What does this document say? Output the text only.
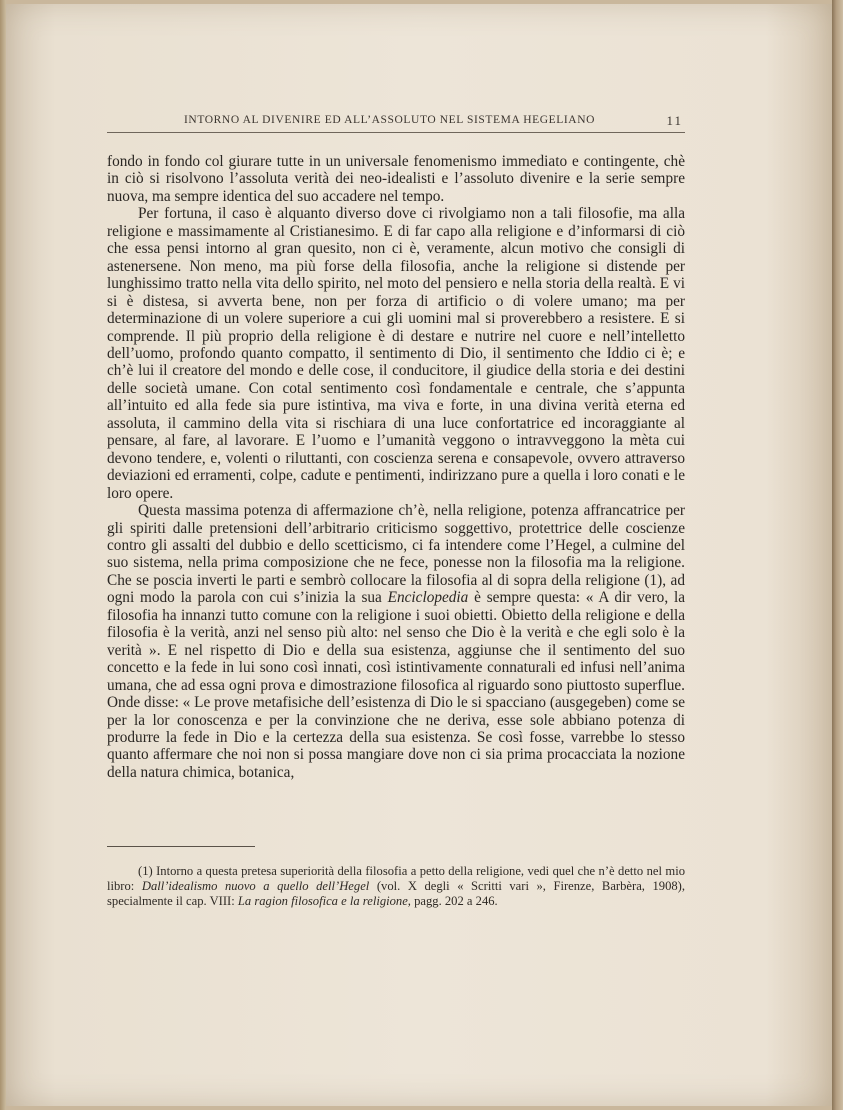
INTORNO AL DIVENIRE ED ALL’ASSOLUTO NEL SISTEMA HEGELIANO	11

fondo in fondo col giurare tutte in un universale fenomenismo immediato e contingente, chè in ciò si risolvono l’assoluta verità dei neo-idealisti e l’assoluto divenire e la serie sempre nuova, ma sempre identica del suo accadere nel tempo.

Per fortuna, il caso è alquanto diverso dove ci rivolgiamo non a tali filosofie, ma alla religione e massimamente al Cristianesimo. E di far capo alla religione e d’informarsi di ciò che essa pensi intorno al gran quesito, non ci è, veramente, alcun motivo che consigli di astenersene. Non meno, ma più forse della filosofia, anche la religione si distende per lunghissimo tratto nella vita dello spirito, nel moto del pensiero e nella storia della realtà. E vi si è distesa, si avverta bene, non per forza di artificio o di volere umano; ma per determinazione di un volere superiore a cui gli uomini mal si proverebbero a resistere. E si comprende. Il più proprio della religione è di destare e nutrire nel cuore e nell’intelletto dell’uomo, profondo quanto compatto, il sentimento di Dio, il sentimento che Iddio ci è; e ch’è lui il creatore del mondo e delle cose, il conducitore, il giudice della storia e dei destini delle società umane. Con cotal sentimento così fondamentale e centrale, che s’appunta all’intuito ed alla fede sia pure istintiva, ma viva e forte, in una divina verità eterna ed assoluta, il cammino della vita si rischiara di una luce confortatrice ed incoraggiante al pensare, al fare, al lavorare. E l’uomo e l’umanità veggono o intravveggono la mèta cui devono tendere, e, volenti o riluttanti, con coscienza serena e consapevole, ovvero attraverso deviazioni ed erramenti, colpe, cadute e pentimenti, indirizzano pure a quella i loro conati e le loro opere.

Questa massima potenza di affermazione ch’è, nella religione, potenza affrancatrice per gli spiriti dalle pretensioni dell’arbitrario criticismo soggettivo, protettrice delle coscienze contro gli assalti del dubbio e dello scetticismo, ci fa intendere come l’Hegel, a culmine del suo sistema, nella prima composizione che ne fece, ponesse non la filosofia ma la religione. Che se poscia inverti le parti e sembrò collocare la filosofia al di sopra della religione (1), ad ogni modo la parola con cui s’inizia la sua Enciclopedia è sempre questa: « A dir vero, la filosofia ha innanzi tutto comune con la religione i suoi obietti. Obietto della religione e della filosofia è la verità, anzi nel senso più alto: nel senso che Dio è la verità e che egli solo è la verità ». E nel rispetto di Dio e della sua esistenza, aggiunse che il sentimento del suo concetto e la fede in lui sono così innati, così istintivamente connaturali ed infusi nell’anima umana, che ad essa ogni prova e dimostrazione filosofica al riguardo sono piuttosto superflue. Onde disse: « Le prove metafisiche dell’esistenza di Dio le si spacciano (ausgegeben) come se per la lor conoscenza e per la convinzione che ne deriva, esse sole abbiano potenza di produrre la fede in Dio e la certezza della sua esistenza. Se così fosse, varrebbe lo stesso quanto affermare che noi non si possa mangiare dove non ci sia prima procacciata la nozione della natura chimica, botanica,

(1) Intorno a questa pretesa superiorità della filosofia a petto della religione, vedi quel che n’è detto nel mio libro: Dall’idealismo nuovo a quello dell’Hegel (vol. X degli « Scritti vari », Firenze, Barbèra, 1908), specialmente il cap. VIII: La ragion filosofica e la religione, pagg. 202 a 246.
